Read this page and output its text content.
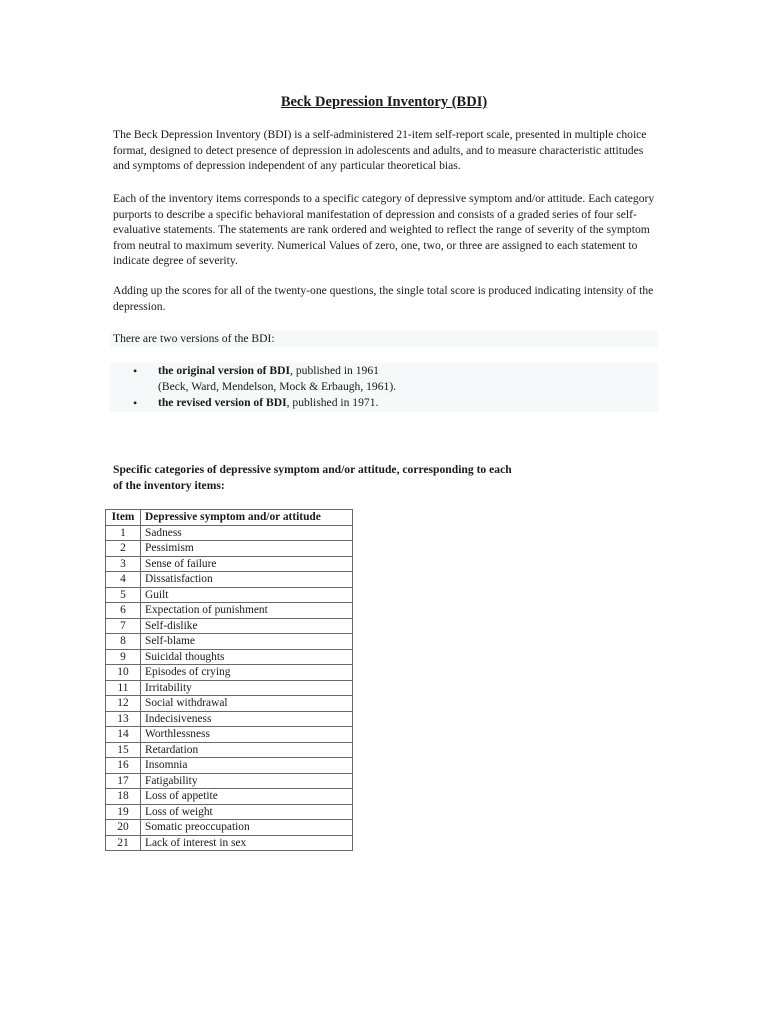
Beck Depression Inventory (BDI)

The Beck Depression Inventory (BDI) is a self-administered 21-item self-report scale, presented in multiple choice format, designed to detect presence of depression in adolescents and adults, and to measure characteristic attitudes and symptoms of depression independent of any particular theoretical bias.

Each of the inventory items corresponds to a specific category of depressive symptom and/or attitude. Each category purports to describe a specific behavioral manifestation of depression and consists of a graded series of four self-evaluative statements. The statements are rank ordered and weighted to reflect the range of severity of the symptom from neutral to maximum severity. Numerical Values of zero, one, two, or three are assigned to each statement to indicate degree of severity.

Adding up the scores for all of the twenty-one questions, the single total score is produced indicating intensity of the depression.

There are two versions of the BDI:
• the original version of BDI, published in 1961
(Beck, Ward, Mendelson, Mock & Erbaugh, 1961).
• the revised version of BDI, published in 1971.

Specific categories of depressive symptom and/or attitude, corresponding to each of the inventory items:

Item	Depressive symptom and/or attitude
1	Sadness
2	Pessimism
3	Sense of failure
4	Dissatisfaction
5	Guilt
6	Expectation of punishment
7	Self-dislike
8	Self-blame
9	Suicidal thoughts
10	Episodes of crying
11	Irritability
12	Social withdrawal
13	Indecisiveness
14	Worthlessness
15	Retardation
16	Insomnia
17	Fatigability
18	Loss of appetite
19	Loss of weight
20	Somatic preoccupation
21	Lack of interest in sex
